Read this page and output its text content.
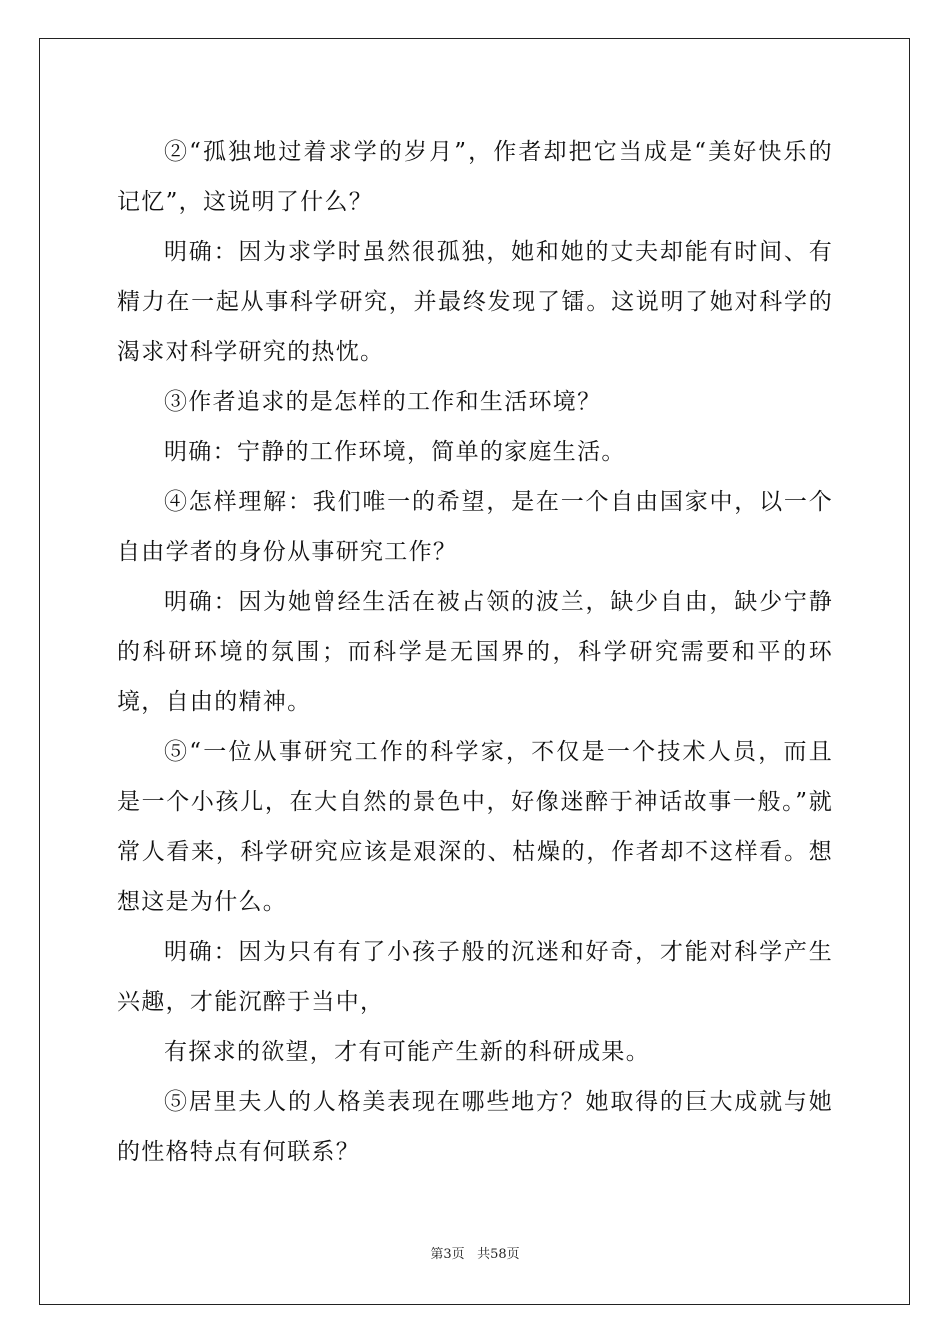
②“孤独地过着求学的岁月”，作者却把它当成是“美好快乐的记忆”，这说明了什么？

明确：因为求学时虽然很孤独，她和她的丈夫却能有时间、有精力在一起从事科学研究，并最终发现了镭。这说明了她对科学的渴求对科学研究的热忱。

③作者追求的是怎样的工作和生活环境？

明确：宁静的工作环境，简单的家庭生活。

④怎样理解：我们唯一的希望，是在一个自由国家中，以一个自由学者的身份从事研究工作？

明确：因为她曾经生活在被占领的波兰，缺少自由，缺少宁静的科研环境的氛围；而科学是无国界的，科学研究需要和平的环境，自由的精神。

⑤“一位从事研究工作的科学家，不仅是一个技术人员，而且是一个小孩儿，在大自然的景色中，好像迷醉于神话故事一般。”就常人看来，科学研究应该是艰深的、枯燥的，作者却不这样看。想想这是为什么。

明确：因为只有有了小孩子般的沉迷和好奇，才能对科学产生兴趣，才能沉醉于当中，

有探求的欲望，才有可能产生新的科研成果。

⑤居里夫人的人格美表现在哪些地方？她取得的巨大成就与她的性格特点有何联系？

第3页 共58页
